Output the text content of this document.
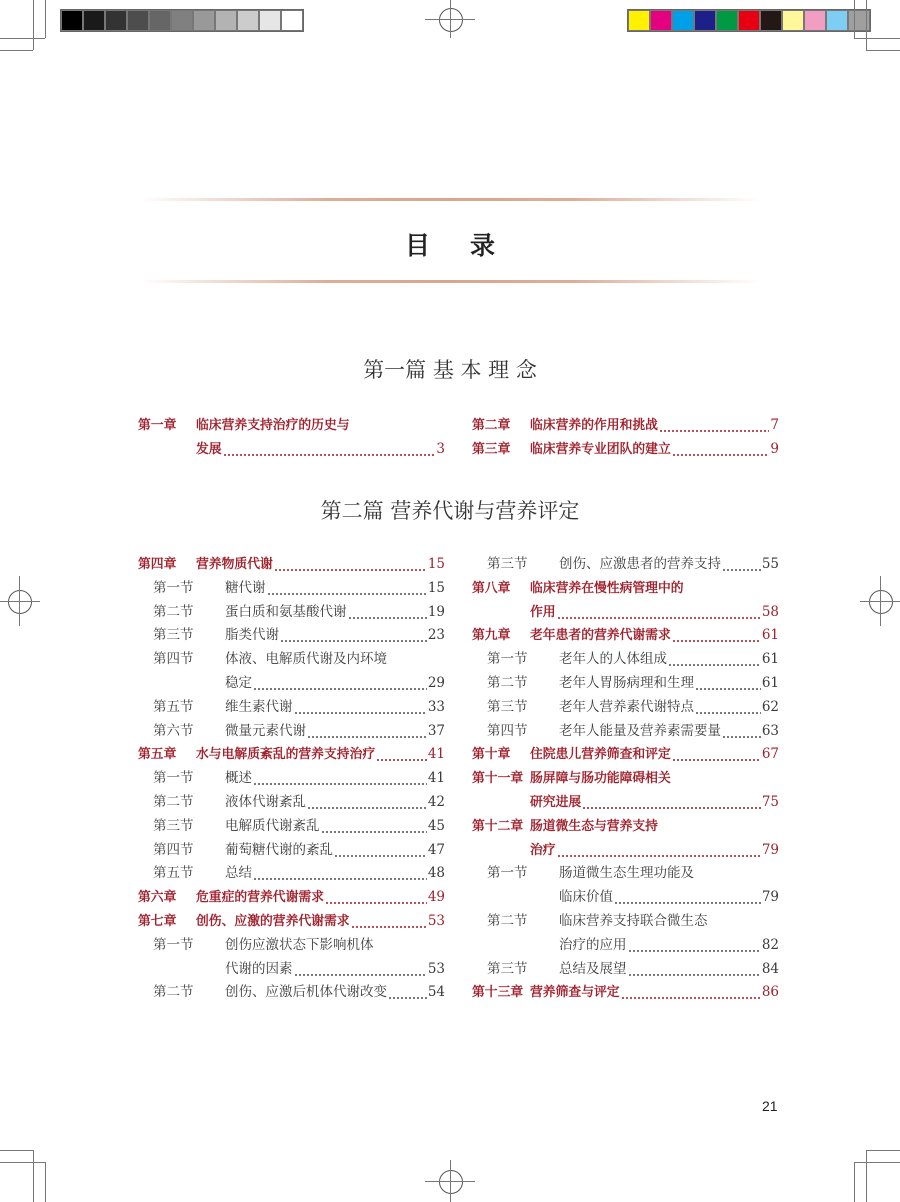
目录
第一篇 基 本 理 念
第一章	临床营养支持治疗的历史与
发展	3
第二章	临床营养的作用和挑战	7
第三章	临床营养专业团队的建立	9
第二篇 营养代谢与营养评定
第四章	营养物质代谢	15
第一节	糖代谢	15
第二节	蛋白质和氨基酸代谢	19
第三节	脂类代谢	23
第四节	体液、电解质代谢及内环境
稳定	29
第五节	维生素代谢	33
第六节	微量元素代谢	37
第五章	水与电解质紊乱的营养支持治疗	41
第一节	概述	41
第二节	液体代谢紊乱	42
第三节	电解质代谢紊乱	45
第四节	葡萄糖代谢的紊乱	47
第五节	总结	48
第六章	危重症的营养代谢需求	49
第七章	创伤、应激的营养代谢需求	53
第一节	创伤应激状态下影响机体
代谢的因素	53
第二节	创伤、应激后机体代谢改变	54
第三节	创伤、应激患者的营养支持	55
第八章	临床营养在慢性病管理中的
作用	58
第九章	老年患者的营养代谢需求	61
第一节	老年人的人体组成	61
第二节	老年人胃肠病理和生理	61
第三节	老年人营养素代谢特点	62
第四节	老年人能量及营养素需要量	63
第十章	住院患儿营养筛查和评定	67
第十一章 肠屏障与肠功能障碍相关
研究进展	75
第十二章 肠道微生态与营养支持
治疗	79
第一节	肠道微生态生理功能及
临床价值	79
第二节	临床营养支持联合微生态
治疗的应用	82
第三节	总结及展望	84
第十三章 营养筛查与评定	86
21
